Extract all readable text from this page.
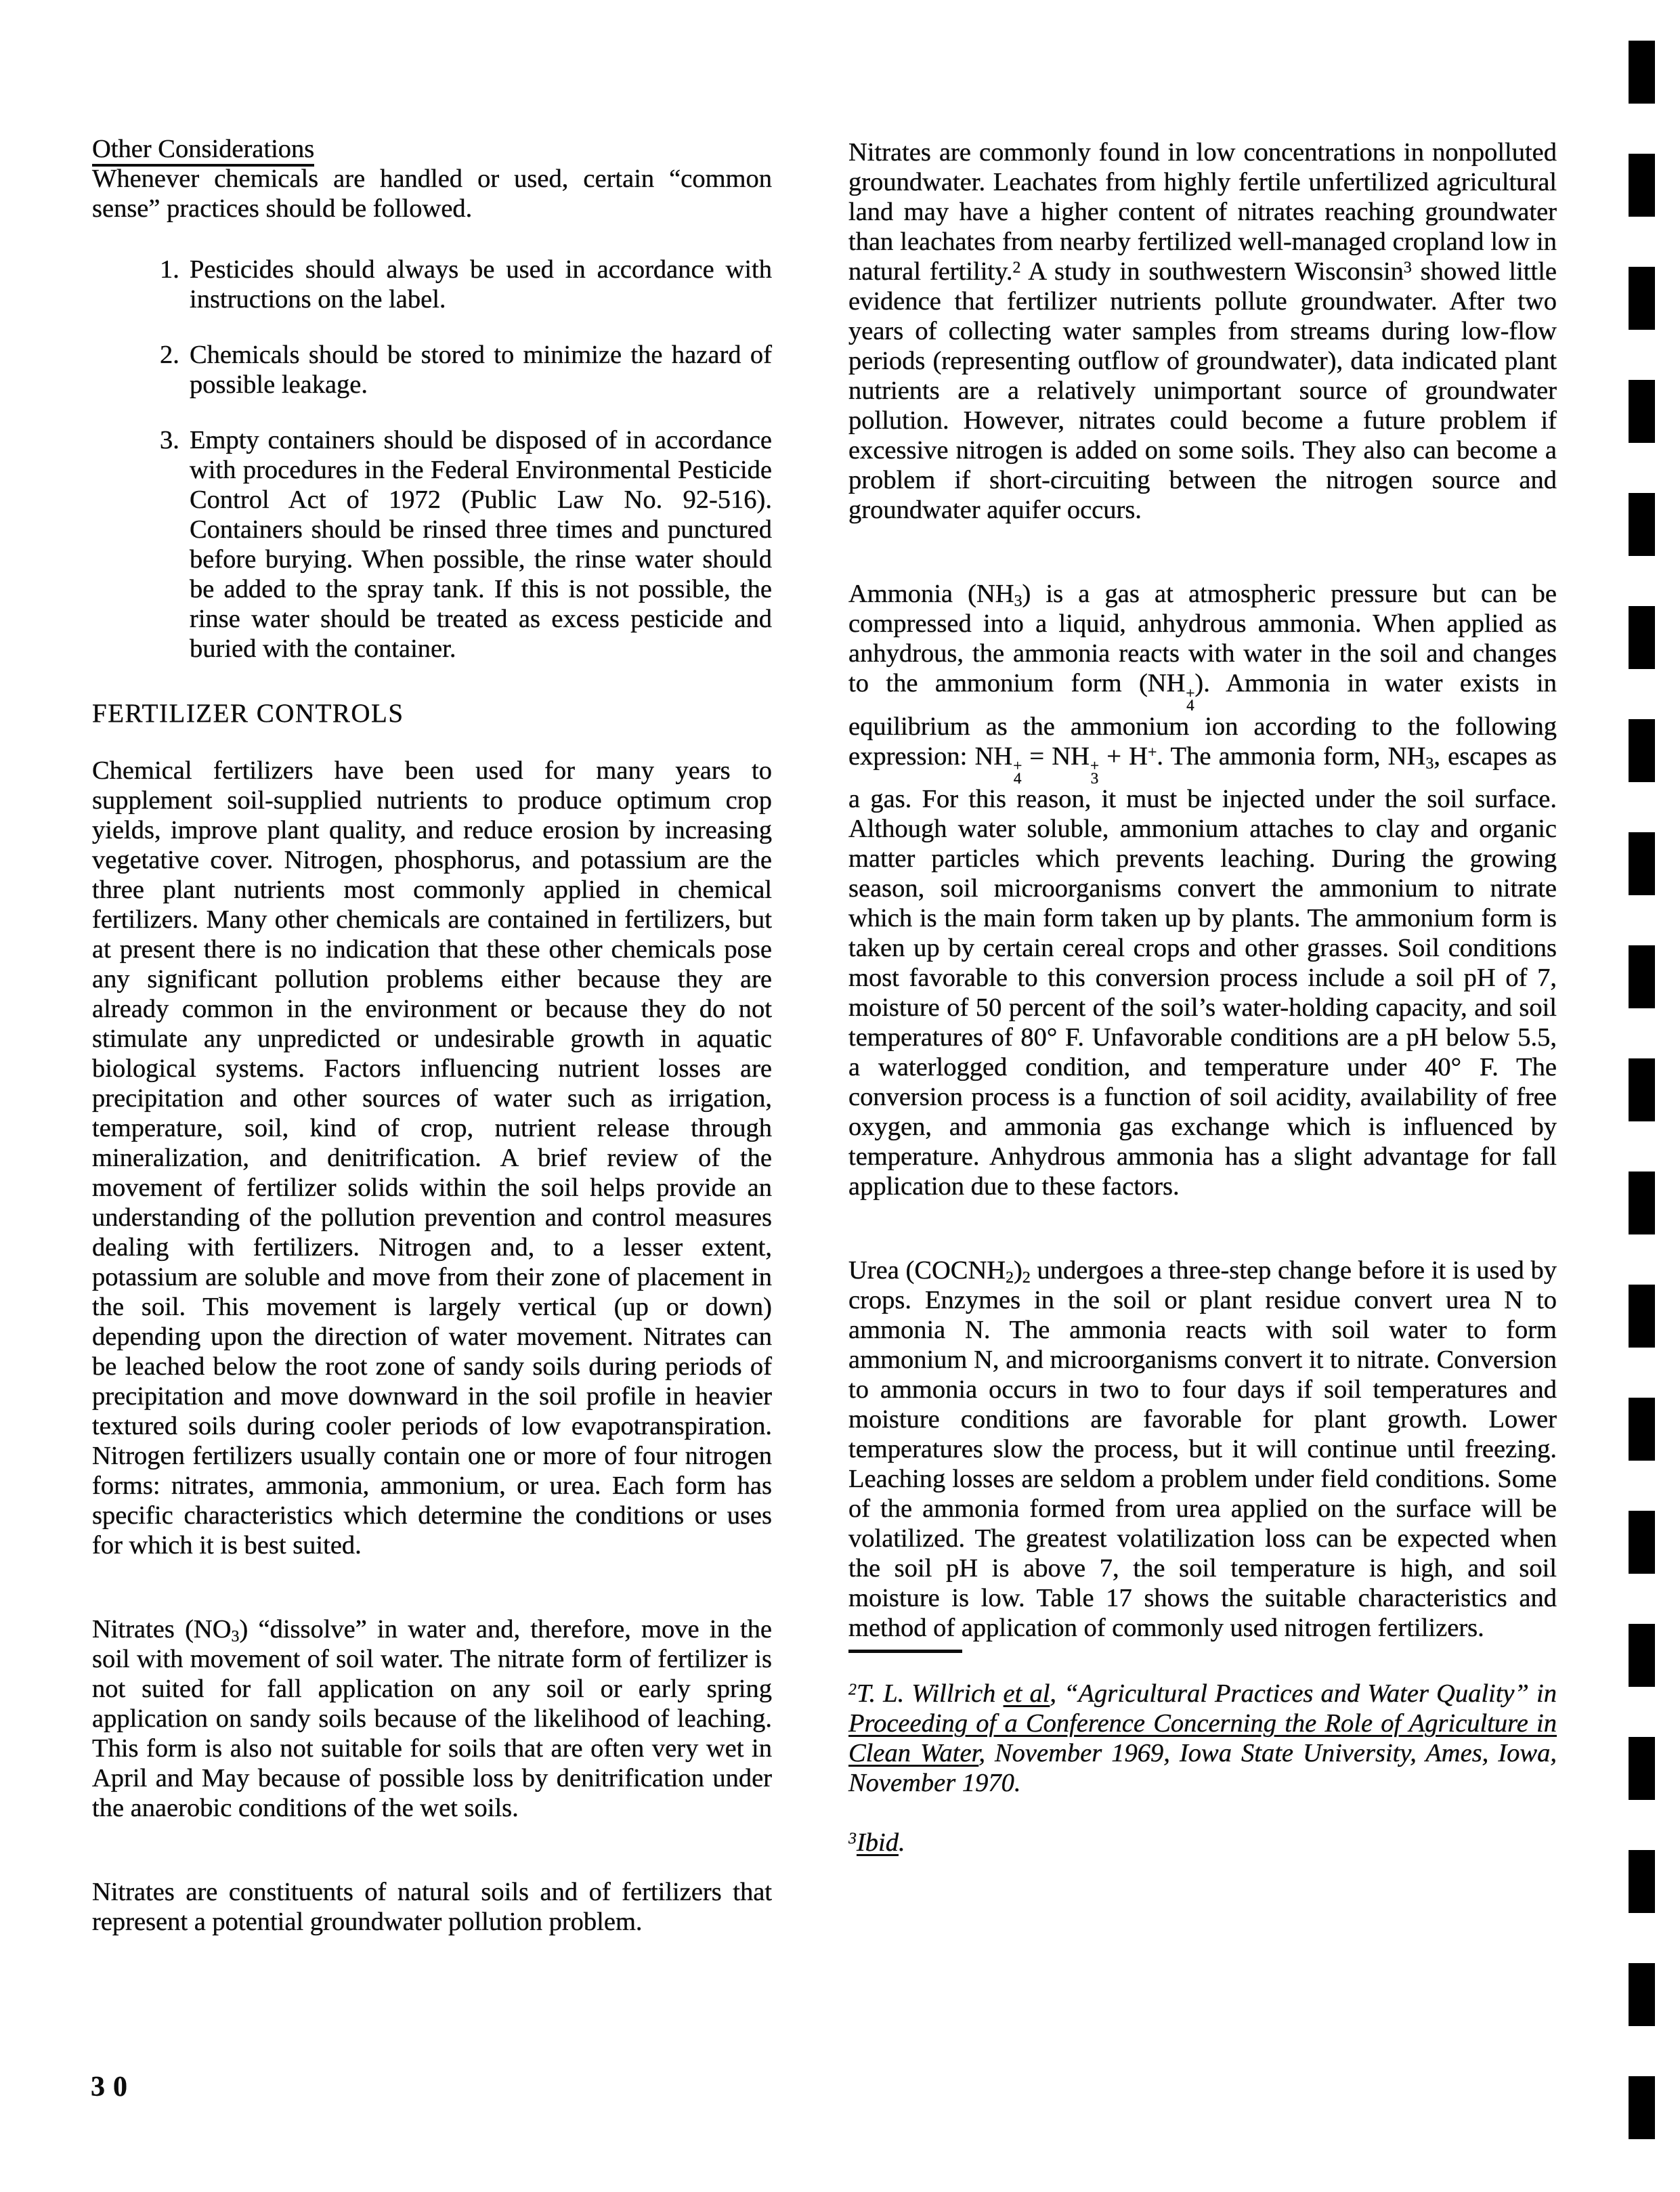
Other Considerations

Whenever chemicals are handled or used, certain “common sense” practices should be followed.

1. Pesticides should always be used in accordance with instructions on the label.
2. Chemicals should be stored to minimize the hazard of possible leakage.
3. Empty containers should be disposed of in accordance with procedures in the Federal Environmental Pesticide Control Act of 1972 (Public Law No. 92-516). Containers should be rinsed three times and punctured before burying. When possible, the rinse water should be added to the spray tank. If this is not possible, the rinse water should be treated as excess pesticide and buried with the container.
FERTILIZER CONTROLS

Chemical fertilizers have been used for many years to supplement soil-supplied nutrients to produce optimum crop yields, improve plant quality, and reduce erosion by increasing vegetative cover. Nitrogen, phosphorus, and potassium are the three plant nutrients most commonly applied in chemical fertilizers. Many other chemicals are contained in fertilizers, but at present there is no indication that these other chemicals pose any significant pollution problems either because they are already common in the environment or because they do not stimulate any unpredicted or undesirable growth in aquatic biological systems. Factors influencing nutrient losses are precipitation and other sources of water such as irrigation, temperature, soil, kind of crop, nutrient release through mineralization, and denitrification. A brief review of the movement of fertilizer solids within the soil helps provide an understanding of the pollution prevention and control measures dealing with fertilizers. Nitrogen and, to a lesser extent, potassium are soluble and move from their zone of placement in the soil. This movement is largely vertical (up or down) depending upon the direction of water movement. Nitrates can be leached below the root zone of sandy soils during periods of precipitation and move downward in the soil profile in heavier textured soils during cooler periods of low evapotranspiration. Nitrogen fertilizers usually contain one or more of four nitrogen forms: nitrates, ammonia, ammonium, or urea. Each form has specific characteristics which determine the conditions or uses for which it is best suited.

Nitrates $(NO_3)$ “dissolve” in water and, therefore, move in the soil with movement of soil water. The nitrate form of fertilizer is not suited for fall application on any soil or early spring application on sandy soils because of the likelihood of leaching. This form is also not suitable for soils that are often very wet in April and May because of possible loss by denitrification under the anaerobic conditions of the wet soils.

Nitrates are constituents of natural soils and of fertilizers that represent a potential groundwater pollution problem.

Nitrates are commonly found in low concentrations in nonpolluted groundwater. Leachates from highly fertile unfertilized agricultural land may have a higher content of nitrates reaching groundwater than leachates from nearby fertilized well-managed cropland low in natural fertility.$^2$ A study in southwestern Wisconsin$^3$ showed little evidence that fertilizer nutrients pollute groundwater. After two years of collecting water samples from streams during low-flow periods (representing outflow of groundwater), data indicated plant nutrients are a relatively unimportant source of groundwater pollution. However, nitrates could become a future problem if excessive nitrogen is added on some soils. They also can become a problem if short-circuiting between the nitrogen source and groundwater aquifer occurs.

Ammonia $(NH_3)$ is a gas at atmospheric pressure but can be compressed into a liquid, anhydrous ammonia. When applied as anhydrous, the ammonia reacts with water in the soil and changes to the ammonium form (NH +
4
). Ammonia in water exists in equilibrium as the ammonium ion according to the following expression: NH +
4
= NH +
3
+ H+. The ammonia form, $NH_3$, escapes as a gas. For this reason, it must be injected under the soil surface. Although water soluble, ammonium attaches to clay and organic matter particles which prevents leaching. During the growing season, soil microorganisms convert the ammonium to nitrate which is the main form taken up by plants. The ammonium form is taken up by certain cereal crops and other grasses. Soil conditions most favorable to this conversion process include a soil pH of 7, moisture of 50 percent of the soil’s water-holding capacity, and soil temperatures of 80° F. Unfavorable conditions are a pH below 5.5, a waterlogged condition, and temperature under 40° F. The conversion process is a function of soil acidity, availability of free oxygen, and ammonia gas exchange which is influenced by temperature. Anhydrous ammonia has a slight advantage for fall application due to these factors.

Urea $(COCNH_2)_2$ undergoes a three-step change before it is used by crops. Enzymes in the soil or plant residue convert urea N to ammonia N. The ammonia reacts with soil water to form ammonium N, and microorganisms convert it to nitrate. Conversion to ammonia occurs in two to four days if soil temperatures and moisture conditions are favorable for plant growth. Lower temperatures slow the process, but it will continue until freezing. Leaching losses are seldom a problem under field conditions. Some of the ammonia formed from urea applied on the surface will be volatilized. The greatest volatilization loss can be expected when the soil pH is above 7, the soil temperature is high, and soil moisture is low. Table 17 shows the suitable characteristics and method of application of commonly used nitrogen fertilizers.

$^2$T. L. Willrich et al, “Agricultural Practices and Water Quality” in Proceeding of a Conference Concerning the Role of Agriculture in Clean Water, November 1969, Iowa State University, Ames, Iowa, November 1970.

$^3$Ibid.

30
